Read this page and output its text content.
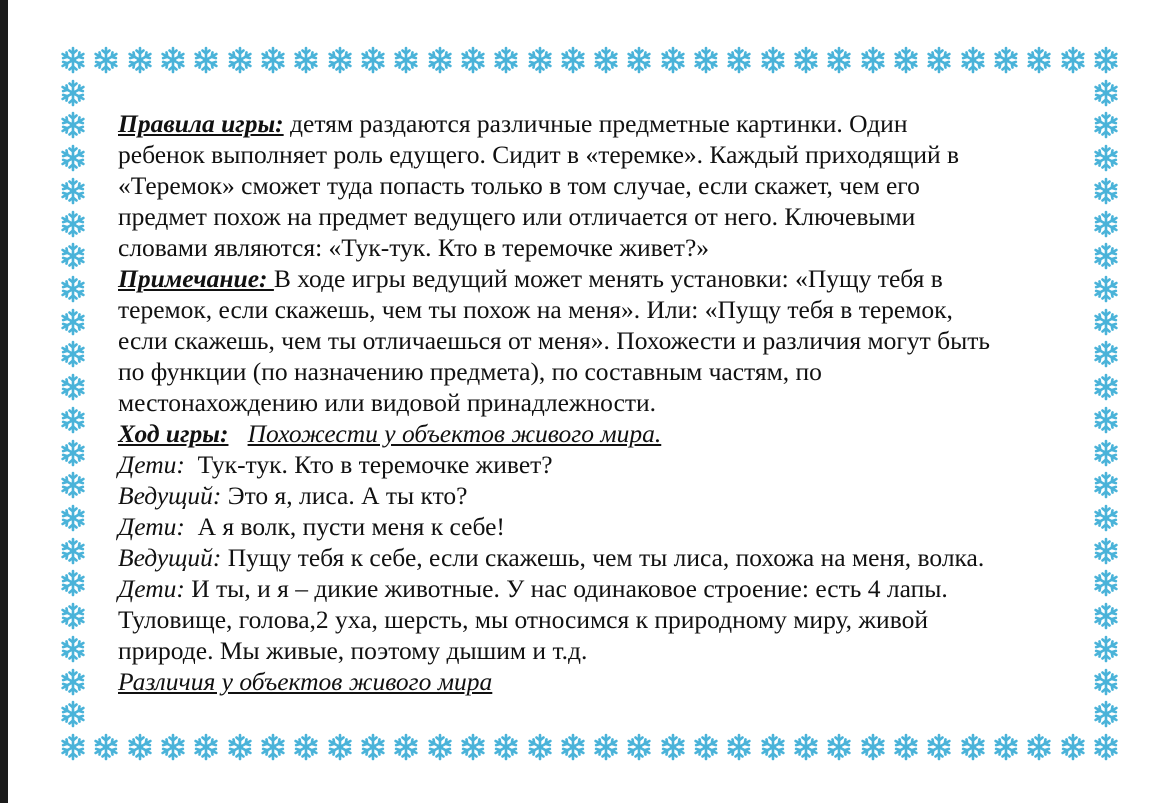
Правила игры: детям раздаются различные предметные картинки. Один

ребенок выполняет роль едущего. Сидит в «теремке». Каждый приходящий в

«Теремок» сможет туда попасть только в том случае, если скажет, чем его

предмет похож на предмет ведущего или отличается от него. Ключевыми

словами являются: «Тук-тук. Кто в теремочке живет?»

Примечание: В ходе игры ведущий может менять установки: «Пущу тебя в

теремок, если скажешь, чем ты похож на меня». Или: «Пущу тебя в теремок,

если скажешь, чем ты отличаешься от меня». Похожести и различия могут быть

по функции (по назначению предмета), по составным частям, по

местонахождению или видовой принадлежности.

Ход игры: Похожести у объектов живого мира.

Дети: Тук-тук. Кто в теремочке живет?

Ведущий: Это я, лиса. А ты кто?

Дети: А я волк, пусти меня к себе!

Ведущий: Пущу тебя к себе, если скажешь, чем ты лиса, похожа на меня, волка.

Дети: И ты, и я – дикие животные. У нас одинаковое строение: есть 4 лапы.

Туловище, голова,2 уха, шерсть, мы относимся к природному миру, живой

природе. Мы живые, поэтому дышим и т.д.

Различия у объектов живого мира
